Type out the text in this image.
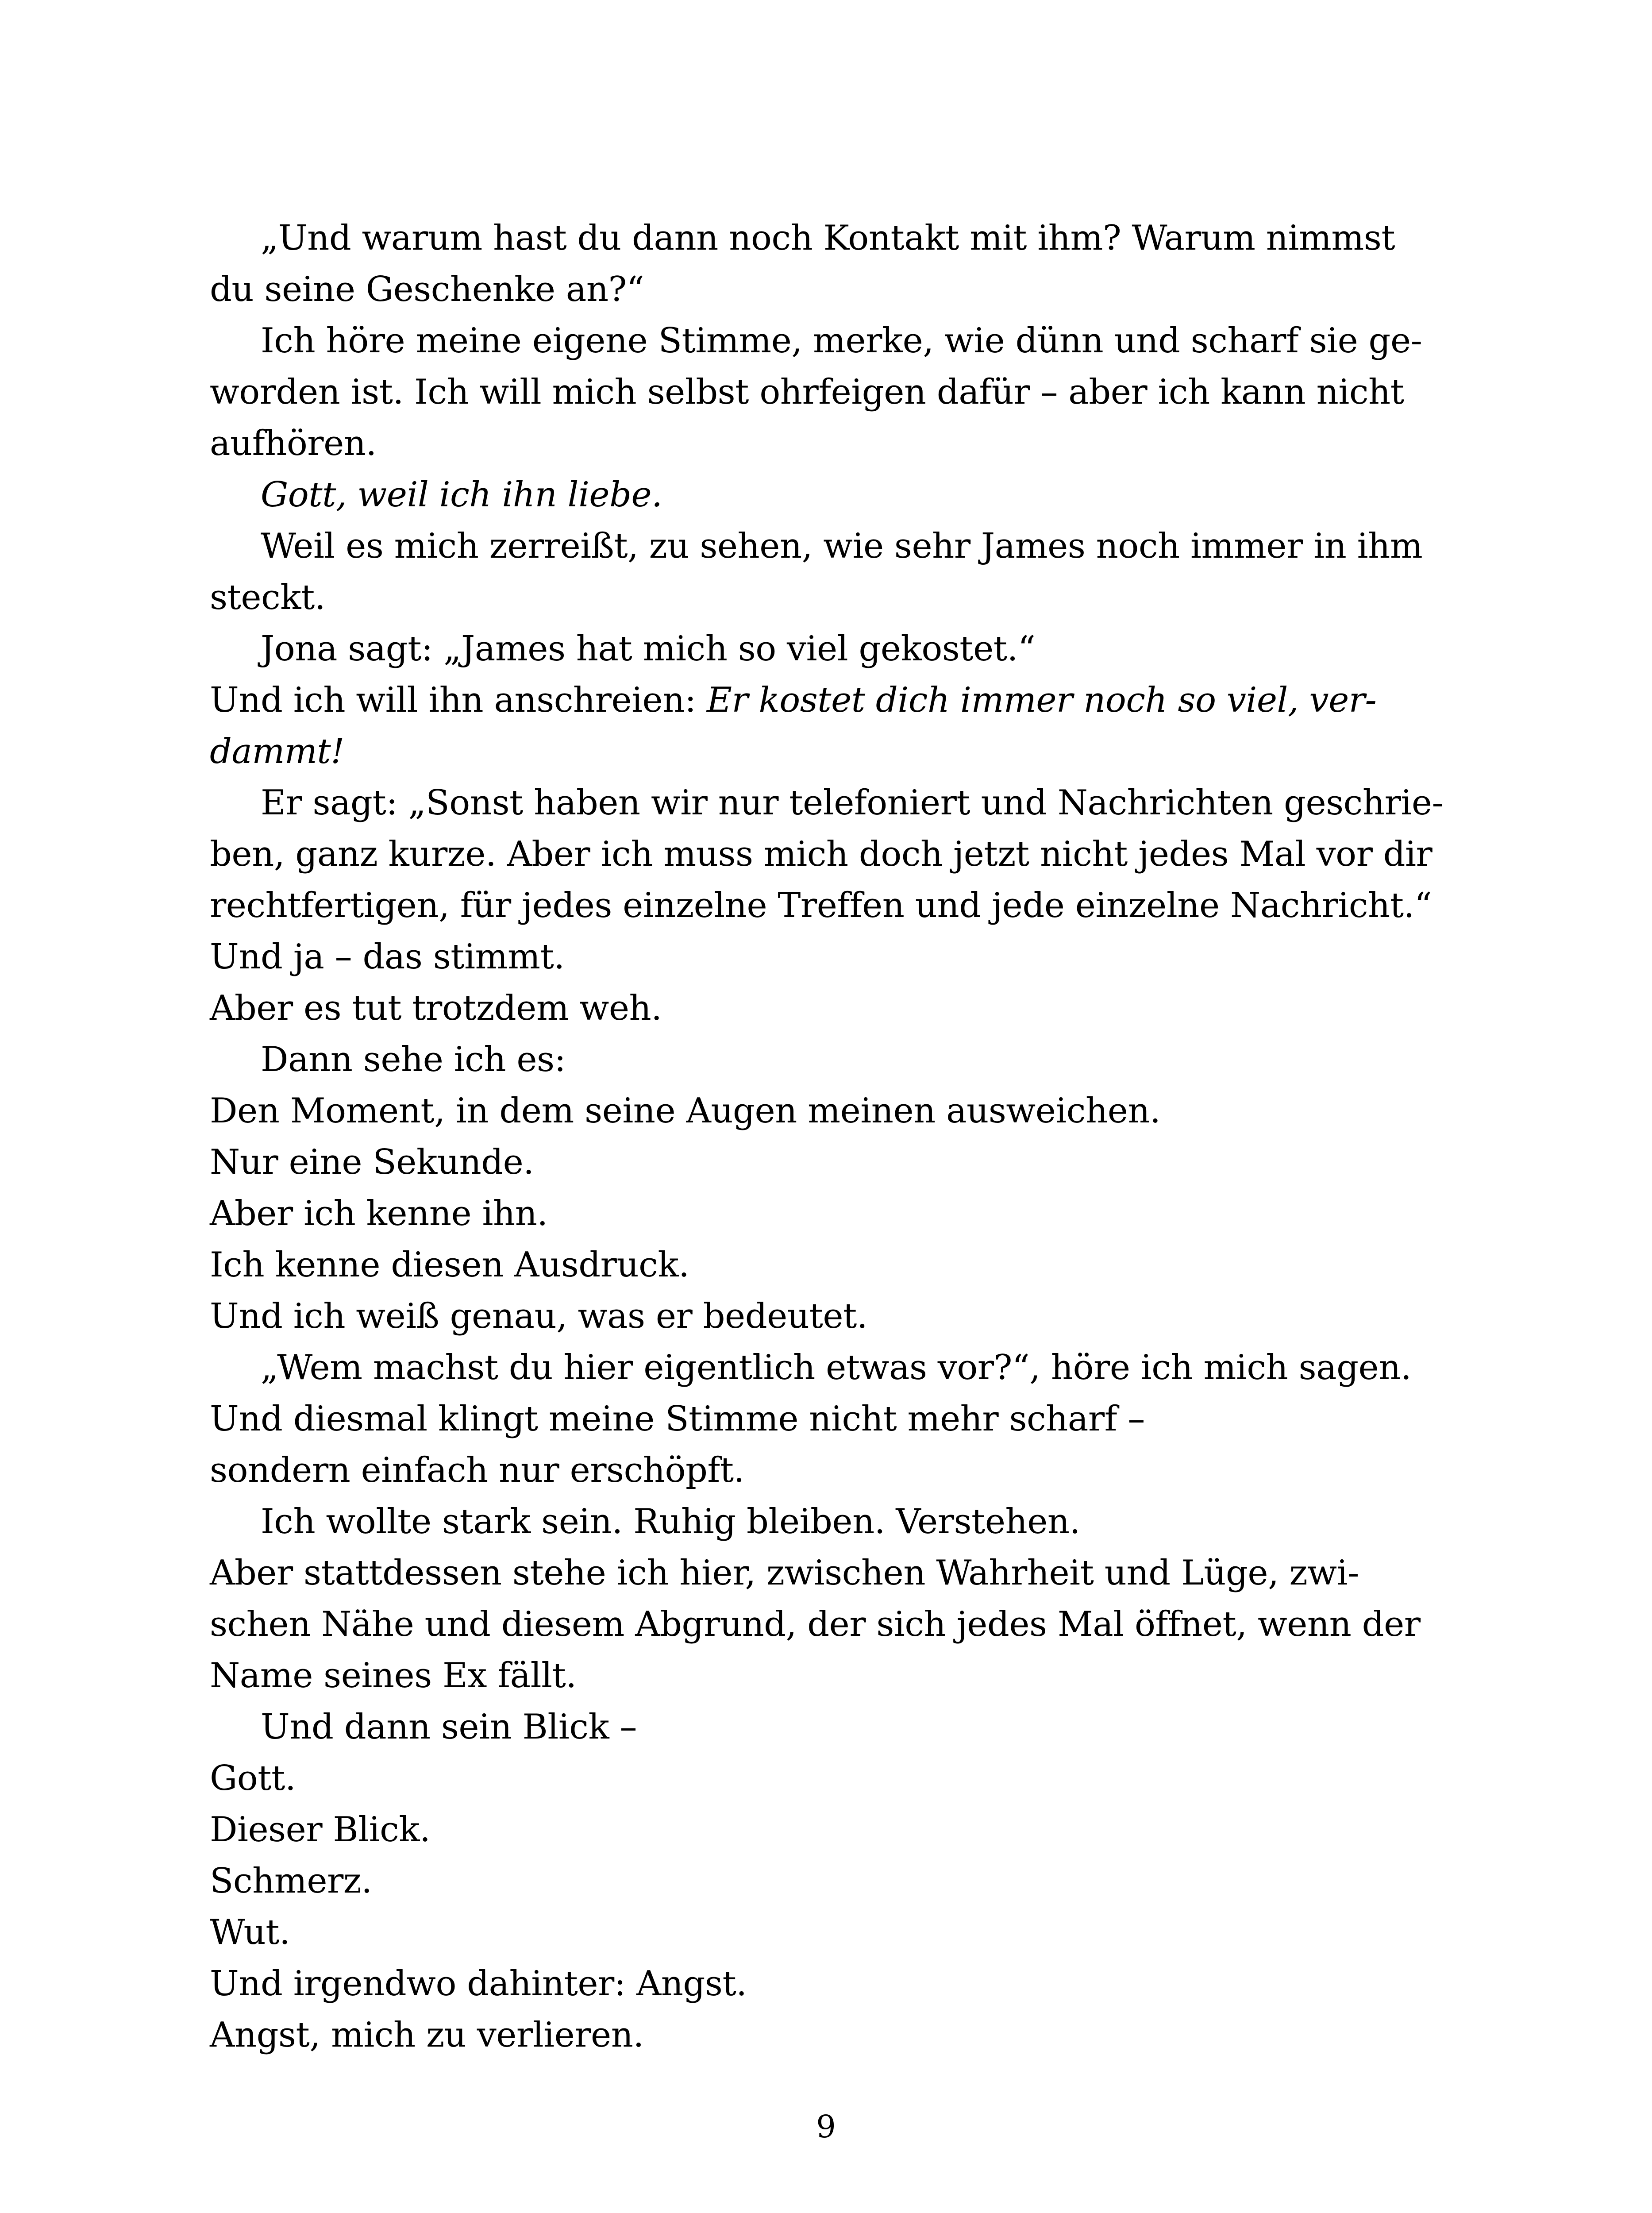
„Und warum hast du dann noch Kontakt mit ihm? Warum nimmst
du seine Geschenke an?“
Ich höre meine eigene Stimme, merke, wie dünn und scharf sie ge-
worden ist. Ich will mich selbst ohrfeigen dafür – aber ich kann nicht
aufhören.
Gott, weil ich ihn liebe.
Weil es mich zerreißt, zu sehen, wie sehr James noch immer in ihm
steckt.
Jona sagt: „James hat mich so viel gekostet.“
Und ich will ihn anschreien: Er kostet dich immer noch so viel, ver-
dammt!
Er sagt: „Sonst haben wir nur telefoniert und Nachrichten geschrie-
ben, ganz kurze. Aber ich muss mich doch jetzt nicht jedes Mal vor dir
rechtfertigen, für jedes einzelne Treffen und jede einzelne Nachricht.“
Und ja – das stimmt.
Aber es tut trotzdem weh.
Dann sehe ich es:
Den Moment, in dem seine Augen meinen ausweichen.
Nur eine Sekunde.
Aber ich kenne ihn.
Ich kenne diesen Ausdruck.
Und ich weiß genau, was er bedeutet.
„Wem machst du hier eigentlich etwas vor?“, höre ich mich sagen.
Und diesmal klingt meine Stimme nicht mehr scharf –
sondern einfach nur erschöpft.
Ich wollte stark sein. Ruhig bleiben. Verstehen.
Aber stattdessen stehe ich hier, zwischen Wahrheit und Lüge, zwi-
schen Nähe und diesem Abgrund, der sich jedes Mal öffnet, wenn der
Name seines Ex fällt.
Und dann sein Blick –
Gott.
Dieser Blick.
Schmerz.
Wut.
Und irgendwo dahinter: Angst.
Angst, mich zu verlieren.
9
